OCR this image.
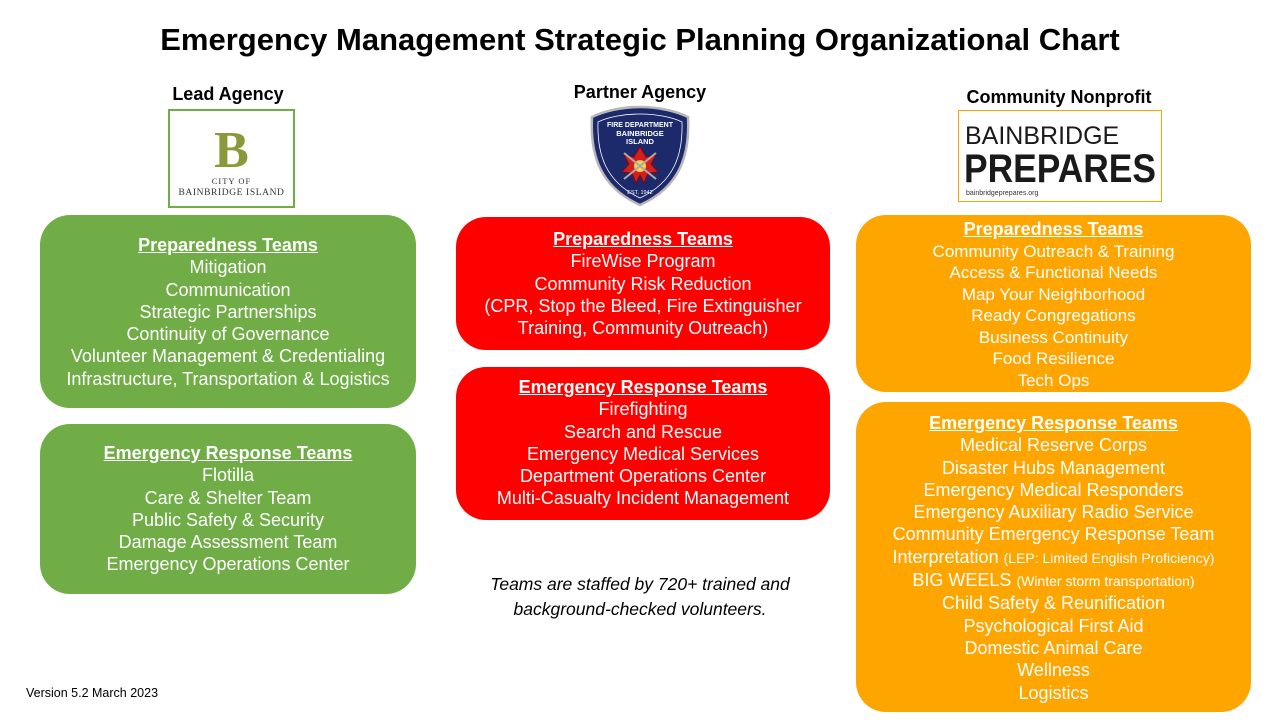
Emergency Management Strategic Planning Organizational Chart
Lead Agency	Partner Agency	Community Nonprofit
B
CITY OF
BAINBRIDGE ISLAND
FIRE DEPARTMENT
BAINBRIDGE
ISLAND
EST. 1942
BAINBRIDGE
PREPARES
bainbridgeprepares.org
Preparedness Teams
Mitigation
Communication
Strategic Partnerships
Continuity of Governance
Volunteer Management & Credentialing
Infrastructure, Transportation & Logistics
Emergency Response Teams
Flotilla
Care & Shelter Team
Public Safety & Security
Damage Assessment Team
Emergency Operations Center
Preparedness Teams
FireWise Program
Community Risk Reduction
(CPR, Stop the Bleed, Fire Extinguisher
Training, Community Outreach)
Emergency Response Teams
Firefighting
Search and Rescue
Emergency Medical Services
Department Operations Center
Multi-Casualty Incident Management
Preparedness Teams
Community Outreach & Training
Access & Functional Needs
Map Your Neighborhood
Ready Congregations
Business Continuity
Food Resilience
Tech Ops
Emergency Response Teams
Medical Reserve Corps
Disaster Hubs Management
Emergency Medical Responders
Emergency Auxiliary Radio Service
Community Emergency Response Team
Interpretation (LEP: Limited English Proficiency)
BIG WEELS (Winter storm transportation)
Child Safety & Reunification
Psychological First Aid
Domestic Animal Care
Wellness
Logistics
Teams are staffed by 720+ trained and
background-checked volunteers.
Version 5.2 March 2023
